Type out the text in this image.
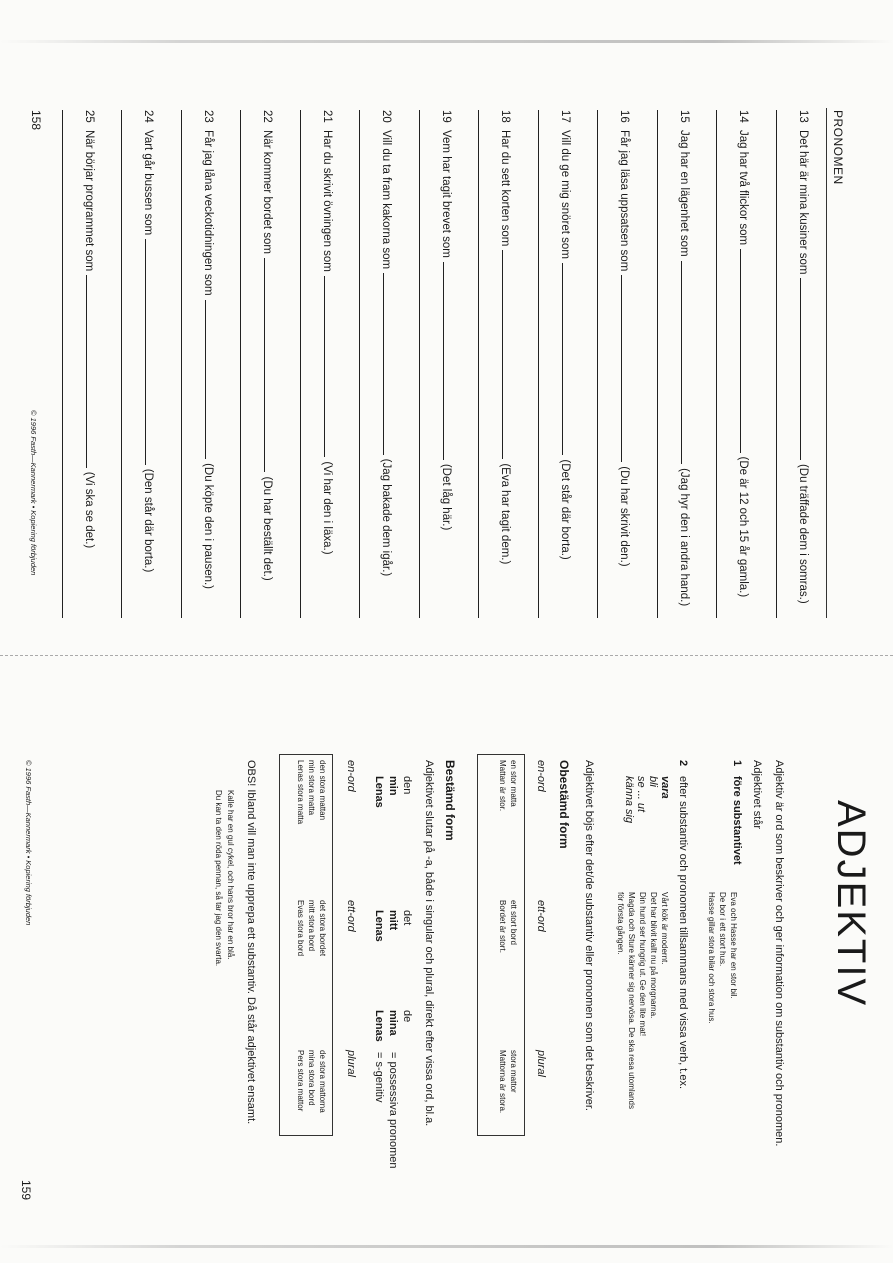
PRONOMEN
13Det här är mina kusiner som(Du träffade dem i somras.)
14Jag har två flickor som(De är 12 och 15 år gamla.)
15Jag har en lägenhet som(Jag hyr den i andra hand.)
16Får jag läsa uppsatsen som(Du har skrivit den.)
17Vill du ge mig snöret som(Det står där borta.)
18Har du sett korten som(Eva har tagit dem.)
19Vem har tagit brevet som(Det låg här.)
20Vill du ta fram kakorna som(Jag bakade dem igår.)
21Har du skrivit övningen som(Vi har den i läxa.)
22När kommer bordet som(Du har beställt det.)
23Får jag låna veckotidningen som(Du köpte den i pausen.)
24Vart går bussen som(Den står där borta.)
25När börjar programmet som(Vi ska se det.)
158
© 1996 Fasth—Kannermark • Kopiering förbjuden
ADJEKTIV
Adjektiv är ord som beskriver och ger information om substantiv och pronomen.
Adjektivet står
1
före substantivet
Eva och Hasse har en stor bil.
De bor i ett stort hus.
Hasse gillar stora bilar och stora hus.
2
efter substantiv och pronomen tillsammans med vissa verb, t.ex.
vara
bli
se ... ut
känna sig
Vårt kök är modernt.
Det har blivit kallt nu på morgnarna.
Din hund ser hungrig ut. Ge den lite mat!
Magda och Sture känner sig nervösa. De ska resa utomlands
för första gången.
Adjektivet böjs efter det/de substantiv eller pronomen som det beskriver.
Obestämd form
en-ord
ett-ord
plural
en stor matta
Mattan är stor.
ett stort bord
Bordet är stort.
stora mattor
Mattorna är stora.
Bestämd form
Adjektivet slutar på -a, både i singular och plural, direkt efter vissa ord, bl.a.
den
min
Lenas
det
mitt
Lenas
de
mina
Lenas
= possessiva pronomen
= s-genitiv
en-ord
ett-ord
plural
den stora mattan
min stora matta
Lenas stora matta
det stora bordet
mitt stora bord
Evas stora bord
de stora mattorna
mina stora bord
Pers stora mattor
OBS! Ibland vill man inte upprepa ett substantiv. Då står adjektivet ensamt.
Kalle har en gul cykel, och hans bror har en blå.
Du kan ta den röda pennan, så tar jag den svarta.
© 1996 Fasth—Kannermark • Kopiering förbjuden
159
